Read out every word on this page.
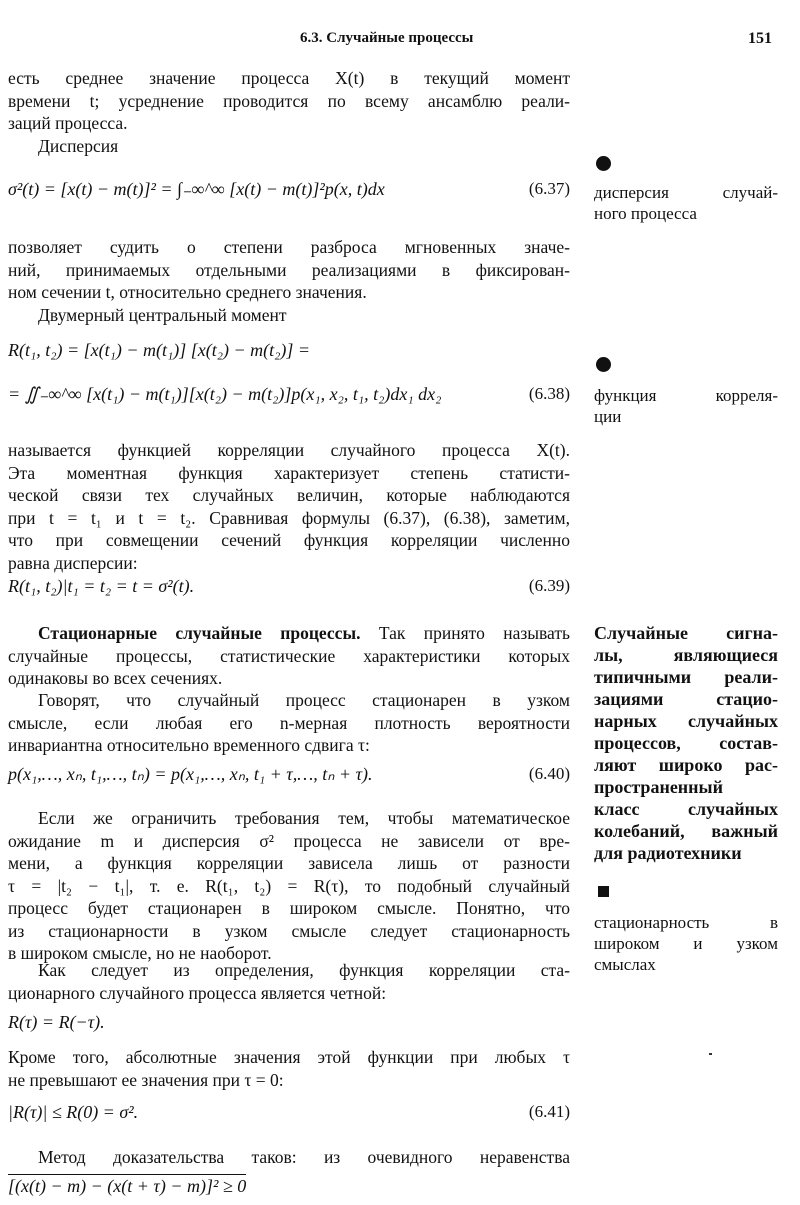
6.3. Случайные процессы	151
есть среднее значение процесса X(t) в текущий момент
времени t; усреднение проводится по всему ансамблю реали-
заций процесса.
Дисперсия
σ²(t) = [x(t) − m(t)]² = ∫₋∞^∞ [x(t) − m(t)]²p(x, t)dx	(6.37)
позволяет судить о степени разброса мгновенных значе-
ний, принимаемых отдельными реализациями в фиксирован-
ном сечении t, относительно среднего значения.
Двумерный центральный момент
R(t₁, t₂) = [x(t₁) − m(t₁)] [x(t₂) − m(t₂)] =
= ∬₋∞^∞ [x(t₁) − m(t₁)][x(t₂) − m(t₂)]p(x₁, x₂, t₁, t₂)dx₁ dx₂	(6.38)
называется функцией корреляции случайного процесса X(t).
Эта моментная функция характеризует степень статисти-
ческой связи тех случайных величин, которые наблюдаются
при t = t₁ и t = t₂. Сравнивая формулы (6.37), (6.38), заметим,
что при совмещении сечений функция корреляции численно
равна дисперсии:
R(t₁, t₂)|t₁ = t₂ = t = σ²(t).	(6.39)
Стационарные случайные процессы. Так принято называть
случайные процессы, статистические характеристики которых
одинаковы во всех сечениях.
Говорят, что случайный процесс стационарен в узком
смысле, если любая его n-мерная плотность вероятности
инвариантна относительно временного сдвига τ:
p(x₁,…, xₙ, t₁,…, tₙ) = p(x₁,…, xₙ, t₁ + τ,…, tₙ + τ).	(6.40)
Если же ограничить требования тем, чтобы математическое
ожидание m и дисперсия σ² процесса не зависели от вре-
мени, а функция корреляции зависела лишь от разности
τ = |t₂ − t₁|, т. е. R(t₁, t₂) = R(τ), то подобный случайный
процесс будет стационарен в широком смысле. Понятно, что
из стационарности в узком смысле следует стационарность
в широком смысле, но не наоборот.
Как следует из определения, функция корреляции ста-
ционарного случайного процесса является четной:
R(τ) = R(−τ).
Кроме того, абсолютные значения этой функции при любых τ
не превышают ее значения при τ = 0:
|R(τ)| ≤ R(0) = σ².	(6.41)
Метод доказательства таков: из очевидного неравенства
[(x(t) − m) − (x(t + τ) − m)]² ≥ 0
дисперсия случай-
ного процесса
функция корреля-
ции
Случайные сигна-
лы, являющиеся
типичными реали-
зациями стацио-
нарных случайных
процессов, состав-
ляют широко рас-
пространенный
класс случайных
колебаний, важный
для радиотехники
стационарность в
широком и узком
смыслах
